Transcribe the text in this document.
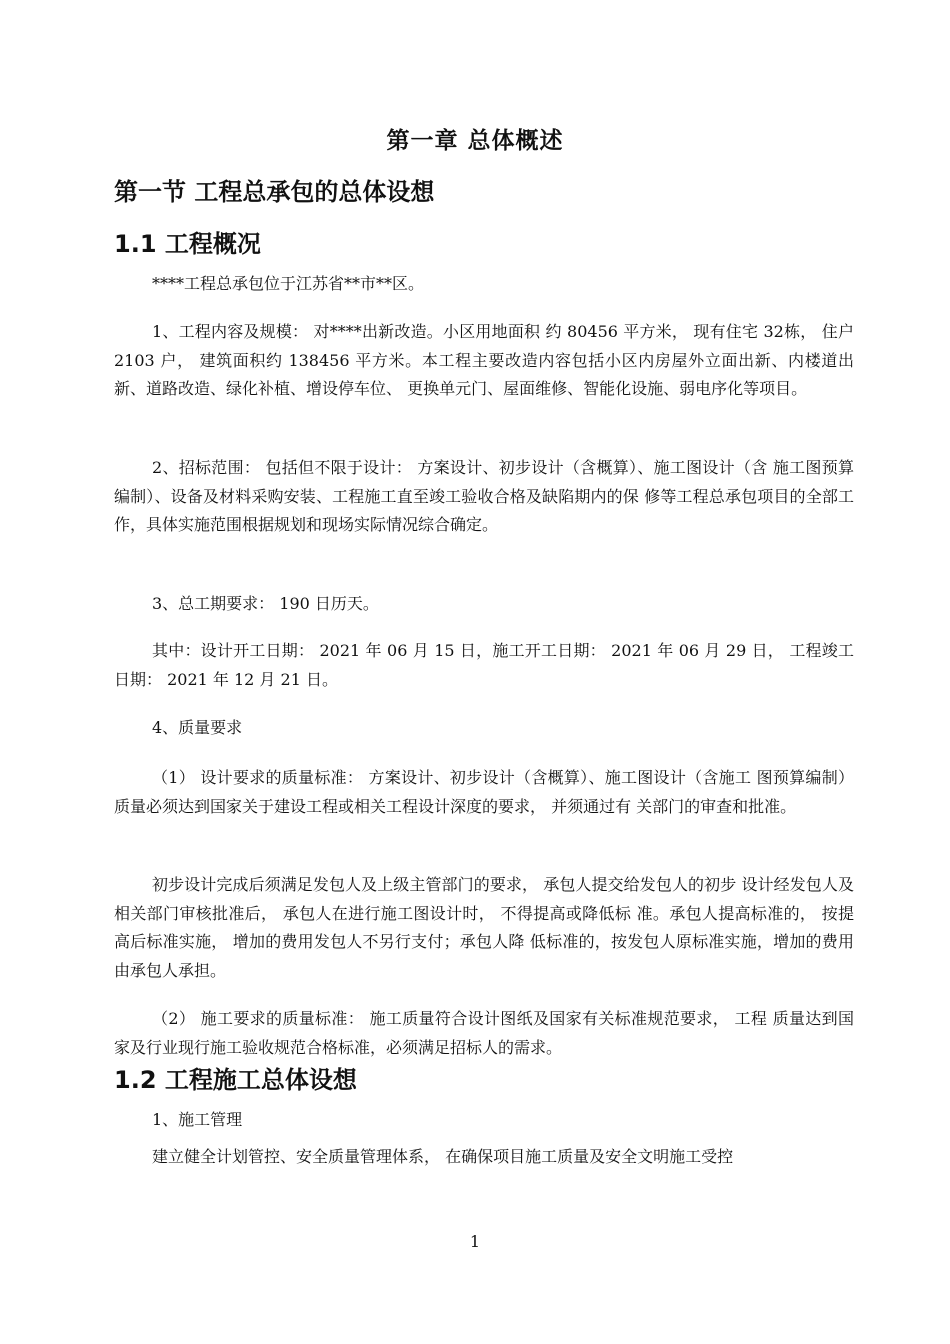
第一章 总体概述
第一节 工程总承包的总体设想
1.1 工程概况
****工程总承包位于江苏省**市**区。
1、工程内容及规模： 对****出新改造。小区用地面积 约 80456 平方米， 现有住宅 32栋， 住户2103 户， 建筑面积约 138456 平方米。本工程主要改造内容包括小区内房屋外立面出新、内楼道出新、道路改造、绿化补植、增设停车位、 更换单元门、屋面维修、智能化设施、弱电序化等项目。
2、招标范围： 包括但不限于设计： 方案设计、初步设计（含概算）、施工图设计（含 施工图预算编制）、设备及材料采购安装、工程施工直至竣工验收合格及缺陷期内的保 修等工程总承包项目的全部工作，具体实施范围根据规划和现场实际情况综合确定。
3、总工期要求： 190 日历天。
其中：设计开工日期： 2021 年 06 月 15 日，施工开工日期： 2021 年 06 月 29 日， 工程竣工日期： 2021 年 12 月 21 日。
4、质量要求
（1） 设计要求的质量标准： 方案设计、初步设计（含概算）、施工图设计（含施工 图预算编制） 质量必须达到国家关于建设工程或相关工程设计深度的要求， 并须通过有 关部门的审查和批准。
初步设计完成后须满足发包人及上级主管部门的要求， 承包人提交给发包人的初步 设计经发包人及相关部门审核批准后， 承包人在进行施工图设计时， 不得提高或降低标 准。承包人提高标准的， 按提高后标准实施， 增加的费用发包人不另行支付；承包人降 低标准的，按发包人原标准实施，增加的费用由承包人承担。
（2） 施工要求的质量标准： 施工质量符合设计图纸及国家有关标准规范要求， 工程 质量达到国家及行业现行施工验收规范合格标准，必须满足招标人的需求。
1.2 工程施工总体设想
1、施工管理
建立健全计划管控、安全质量管理体系， 在确保项目施工质量及安全文明施工受控
1
